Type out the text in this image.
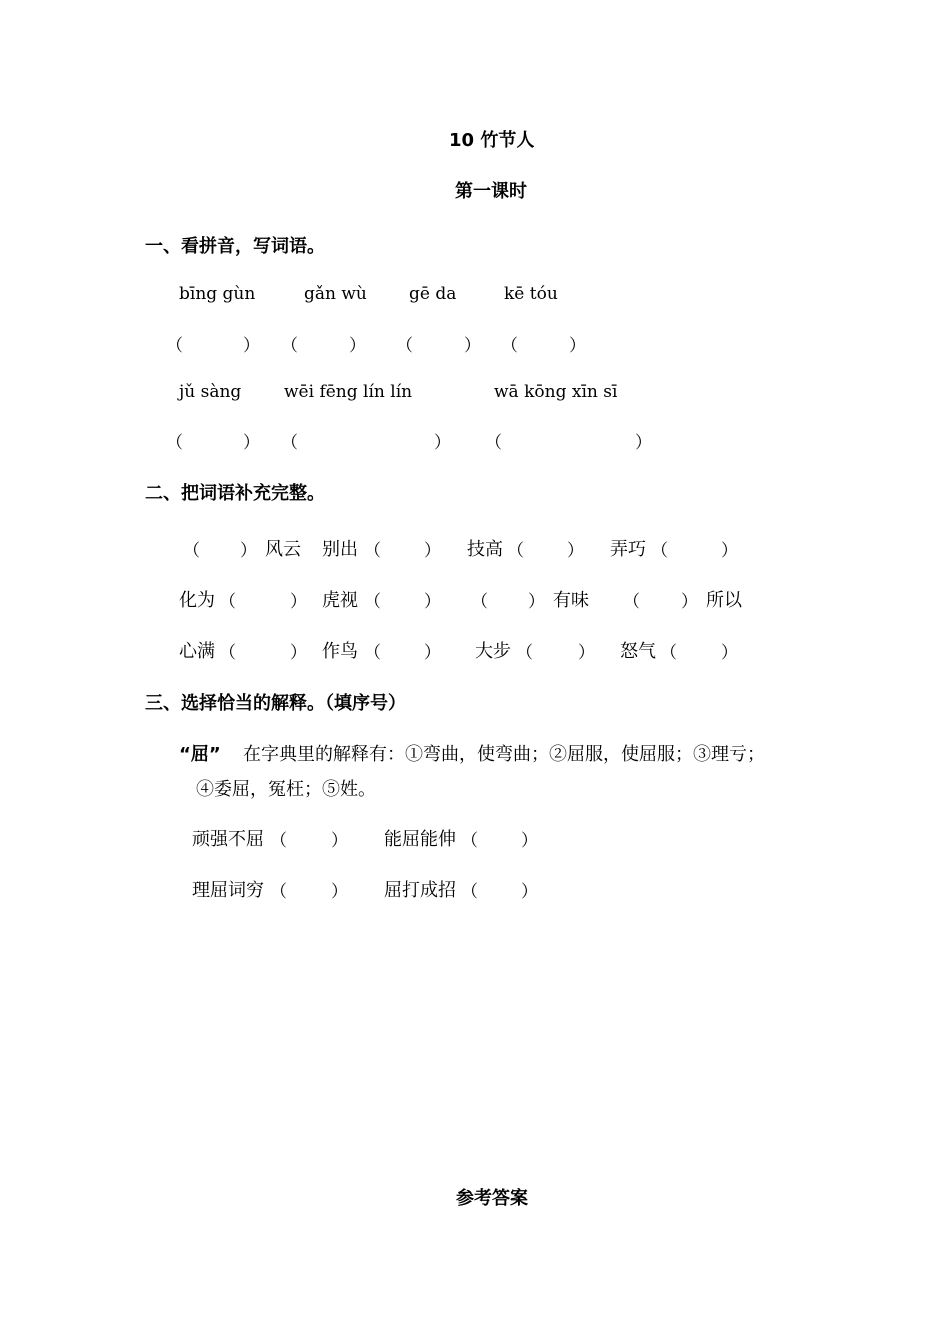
10 竹节人
第一课时
一、看拼音，写词语。
bīng gùn	gǎn wù gē da	kē tóu
（	） （	） （	） （	）
jǔ sàng	wēi fēng lín lín	wā kōng xīn sī
（	） （	） （	）
二、把词语补充完整。
（ ） 风云 别出 （	） 技高 （	） 弄巧 （	）
化为 （	） 虎视 （	） （ ） 有味 （ ） 所以
心满 （	） 作鸟 （	） 大步 （	） 怒气 （	）
三、选择恰当的解释。（填序号）
“屈” 在字典里的解释有：①弯曲，使弯曲；②屈服，使屈服；③理亏；
④委屈，冤枉；⑤姓。
顽强不屈 （	） 能屈能伸 （	）
理屈词穷 （	） 屈打成招 （	）
参考答案
